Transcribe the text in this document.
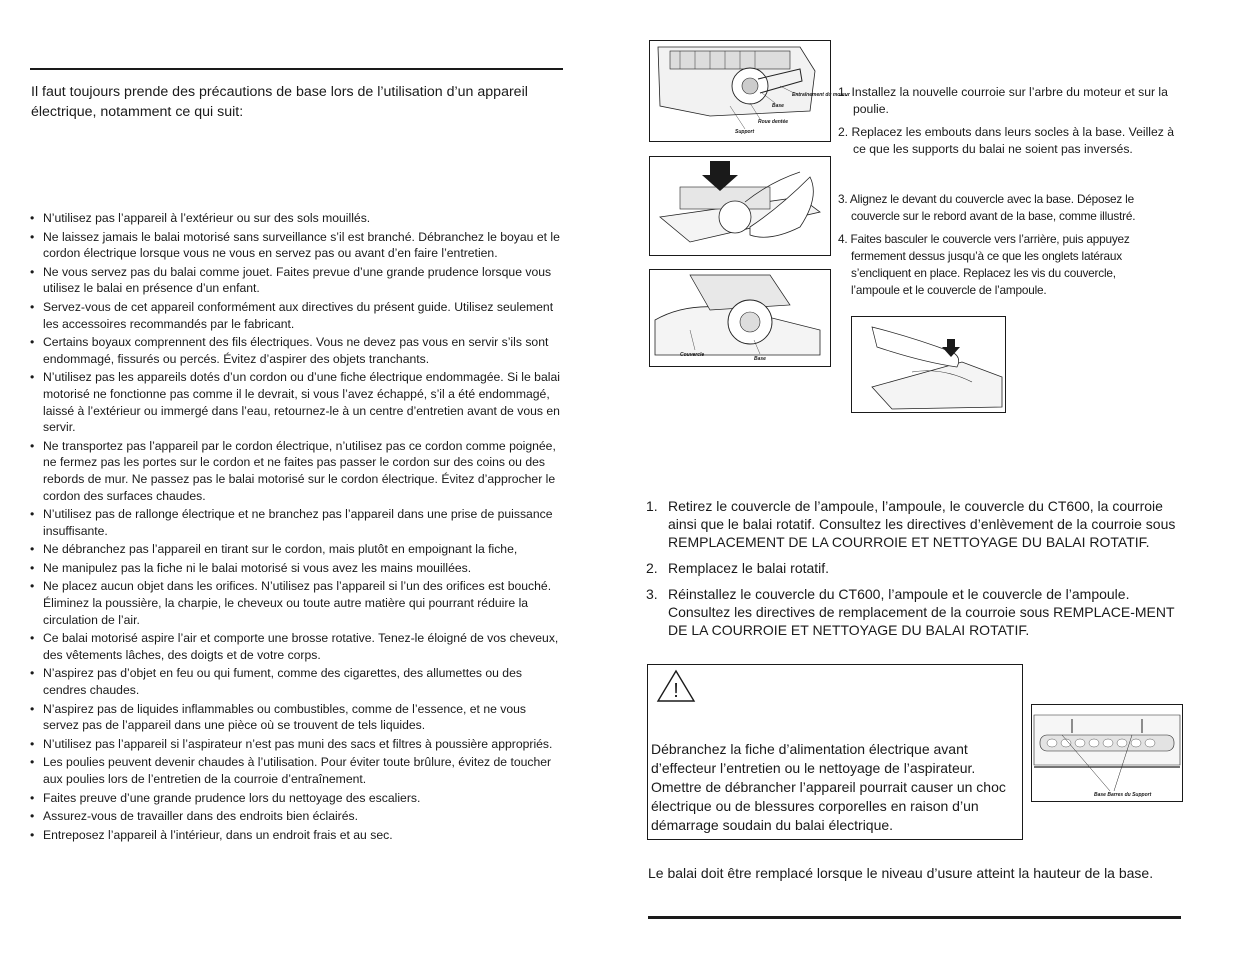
Il faut toujours prende des précautions de base lors de l’utilisation d’un appareil électrique, notamment ce qui suit:

• N’utilisez pas l’appareil à l’extérieur ou sur des sols mouillés.
• Ne laissez jamais le balai motorisé sans surveillance s’il est branché. Débranchez le boyau et le cordon électrique lorsque vous ne vous en servez pas ou avant d’en faire l’entretien.
• Ne vous servez pas du balai comme jouet. Faites prevue d’une grande prudence lorsque vous utilisez le balai en présence d’un enfant.
• Servez-vous de cet appareil conformément aux directives du présent guide. Utilisez seulement les accessoires recommandés par le fabricant.
• Certains boyaux comprennent des fils électriques. Vous ne devez pas vous en servir s’ils sont endommagé, fissurés ou percés. Évitez d’aspirer des objets tranchants.
• N’utilisez pas les appareils dotés d’un cordon ou d’une fiche électrique endommagée. Si le balai motorisé ne fonctionne pas comme il le devrait, si vous l’avez échappé, s’il a été endommagé, laissé à l’extérieur ou immergé dans l’eau, retournez-le à un centre d’entretien avant de vous en servir.
• Ne transportez pas l’appareil par le cordon électrique, n’utilisez pas ce cordon comme poignée, ne fermez pas les portes sur le cordon et ne faites pas passer le cordon sur des coins ou des rebords de mur. Ne passez pas le balai motorisé sur le cordon électrique. Évitez d’approcher le cordon des surfaces chaudes.
• N’utilisez pas de rallonge électrique et ne branchez pas l’appareil dans une prise de puissance insuffisante.
• Ne débranchez pas l’appareil en tirant sur le cordon, mais plutôt en empoignant la fiche,
• Ne manipulez pas la fiche ni le balai motorisé si vous avez les mains mouillées.
• Ne placez aucun objet dans les orifices. N’utilisez pas l’appareil si l’un des orifices est bouché. Éliminez la poussière, la charpie, le cheveux ou toute autre matière qui pourrant réduire la circulation de l’air.
• Ce balai motorisé aspire l’air et comporte une brosse rotative. Tenez-le éloigné de vos cheveux, des vêtements lâches, des doigts et de votre corps.
• N’aspirez pas d’objet en feu ou qui fument, comme des cigarettes, des allumettes ou des cendres chaudes.
• N’aspirez pas de liquides inflammables ou combustibles, comme de l’essence, et ne vous servez pas de l’appareil dans une pièce où se trouvent de tels liquides.
• N’utilisez pas l’appareil si l’aspirateur n’est pas muni des sacs et filtres à poussière appropriés.
• Les poulies peuvent devenir chaudes à l’utilisation. Pour éviter toute brûlure, évitez de toucher aux poulies lors de l’entretien de la courroie d’entraînement.
• Faites preuve d’une grande prudence lors du nettoyage des escaliers.
• Assurez-vous de travailler dans des endroits bien éclairés.
• Entreposez l’appareil à l’intérieur, dans un endroit frais et au sec.
Entraînement du moteur
Base
Roue dentée
Support
1. Installez la nouvelle courroie sur l’arbre du moteur et sur la poulie.
2. Replacez les embouts dans leurs socles à la base. Veillez à ce que les supports du balai ne soient pas inversés.
3. Alignez le devant du couvercle avec la base. Déposez le couvercle sur le rebord avant de la base, comme illustré.
4. Faites basculer le couvercle vers l’arrière, puis appuyez fermement dessus jusqu’à ce que les onglets latéraux s’encliquent en place. Replacez les vis du couvercle, l’ampoule et le couvercle de l’ampoule.
Couvercle
Base
1. Retirez le couvercle de l’ampoule, l’ampoule, le couvercle du CT600, la courroie ainsi que le balai rotatif. Consultez les directives d’enlèvement de la courroie sous REMPLACEMENT DE LA COURROIE ET NETTOYAGE DU BALAI ROTATIF.
2. Remplacez le balai rotatif.
3. Réinstallez le couvercle du CT600, l’ampoule et le couvercle de l’ampoule. Consultez les directives de remplacement de la courroie sous REMPLACE-MENT DE LA COURROIE ET NETTOYAGE DU BALAI ROTATIF.
!

Débranchez la fiche d’alimentation électrique avant d’effecteur l’entretien ou le nettoyage de l’aspirateur. Omettre de débrancher l’appareil pourrait causer un choc électrique ou de blessures corporelles en raison d’un démarrage soudain du balai électrique.

Base Barres du Support

Le balai doit être remplacé lorsque le niveau d’usure atteint la hauteur de la base.
